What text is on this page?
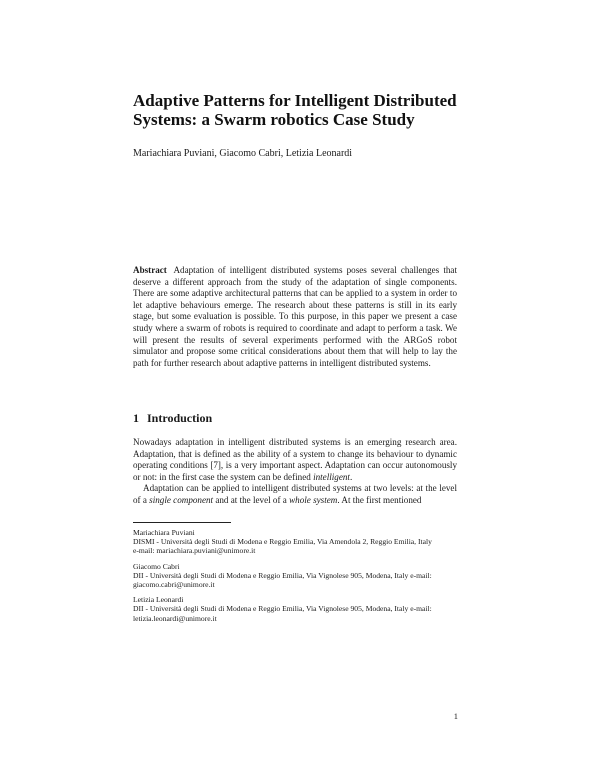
Adaptive Patterns for Intelligent Distributed Systems: a Swarm robotics Case Study
Mariachiara Puviani, Giacomo Cabri, Letizia Leonardi
Abstract Adaptation of intelligent distributed systems poses several challenges that deserve a different approach from the study of the adaptation of single components. There are some adaptive architectural patterns that can be applied to a system in order to let adaptive behaviours emerge. The research about these patterns is still in its early stage, but some evaluation is possible. To this purpose, in this paper we present a case study where a swarm of robots is required to coordinate and adapt to perform a task. We will present the results of several experiments performed with the ARGoS robot simulator and propose some critical considerations about them that will help to lay the path for further research about adaptive patterns in intelligent distributed systems.
1 Introduction

Nowadays adaptation in intelligent distributed systems is an emerging research area. Adaptation, that is defined as the ability of a system to change its behaviour to dynamic operating conditions [7], is a very important aspect. Adaptation can occur autonomously or not: in the first case the system can be defined intelligent.

Adaptation can be applied to intelligent distributed systems at two levels: at the level of a single component and at the level of a whole system. At the first mentioned

Mariachiara Puviani
DISMI - Università degli Studi di Modena e Reggio Emilia, Via Amendola 2, Reggio Emilia, Italy
e-mail: mariachiara.puviani@unimore.it
Giacomo Cabri
DII - Università degli Studi di Modena e Reggio Emilia, Via Vignolese 905, Modena, Italy e-mail:
giacomo.cabri@unimore.it
Letizia Leonardi
DII - Università degli Studi di Modena e Reggio Emilia, Via Vignolese 905, Modena, Italy e-mail:
letizia.leonardi@unimore.it
1
